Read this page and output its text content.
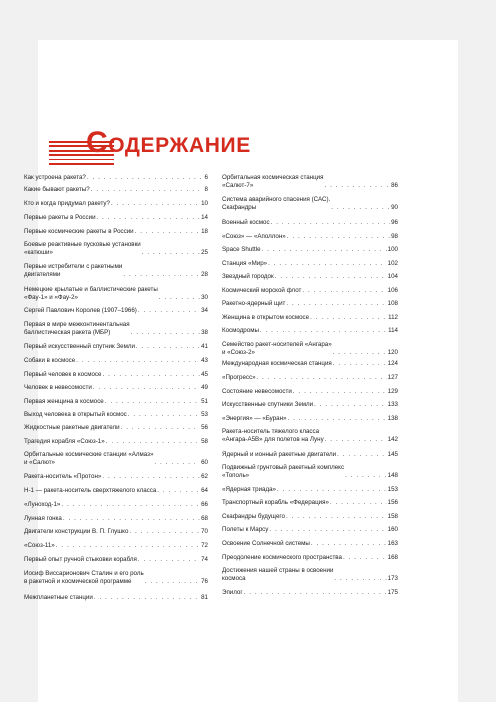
Содержание
Как устроена ракета? . . .	6
Какие бывают ракеты? . . .	8
Кто и когда придумал ракету? . . .	10
Первые ракеты в России . . .	14
Первые космические ракеты в России . . .	18
Боевые реактивные пусковые установки
«катюши» . . .	25
Первые истребители с ракетными
двигателями . . .	28
Немецкие крылатые и баллистические ракеты
«Фау-1» и «Фау-2» . . .	30
Сергей Павлович Королев (1907–1966) . . .	34
Первая в мире межконтинентальная
баллистическая ракета (МБР) . . .	38
Первый искусственный спутник Земли . . .	41
Собаки в космосе . . .	43
Первый человек в космосе . . .	45
Человек в невесомости . . .	49
Первая женщина в космосе . . .	51
Выход человека в открытый космос . . .	53
Жидкостные ракетные двигатели . . .	56
Трагедия корабля «Союз-1» . . .	58
Орбитальные космические станции «Алмаз»
и «Салют» . . .	60
Ракета-носитель «Протон» . . .	62
Н-1 — ракета-носитель сверхтяжелого класса . . .	64
«Луноход-1» . . .	66
Лунная гонка . . .	68
Двигатели конструкции В. П. Глушко . . .	70
«Союз-11» . . .	72
Первый опыт ручной стыковки корабля . . .	74
Иосиф Виссарионович Сталин и его роль
в ракетной и космической программе . . .	76
Межпланетные станции . . .	81
Орбитальная космическая станция
«Салют-7» . . .	86
Система аварийного спасения (САС).
Скафандры . . .	90
Военный космос . . .	96
«Союз» — «Аполлон» . . .	98
Space Shuttle . . .	100
Станция «Мир» . . .	102
Звездный городок . . .	104
Космический морской флот . . .	106
Ракетно-ядерный щит . . .	108
Женщина в открытом космосе . . .	112
Космодромы . . .	114
Семейство ракет-носителей «Ангара»
и «Союз-2» . . .	120
Международная космическая станция . . .	124
«Прогресс» . . .	127
Состояние невесомости . . .	129
Искусственные спутники Земли . . .	133
«Энергия» — «Буран» . . .	138
Ракета-носитель тяжелого класса
«Ангара-А5В» для полетов на Луну . . .	142
Ядерный и ионный ракетные двигатели . . .	145
Подвижный грунтовый ракетный комплекс
«Тополь» . . .	148
«Ядерная триада» . . .	153
Транспортный корабль «Федерация» . . .	156
Скафандры будущего . . .	158
Полеты к Марсу . . .	160
Освоение Солнечной системы . . .	163
Преодоление космического пространства . . .	168
Достижения нашей страны в освоении
космоса . . .	173
Эпилог . . .	175
